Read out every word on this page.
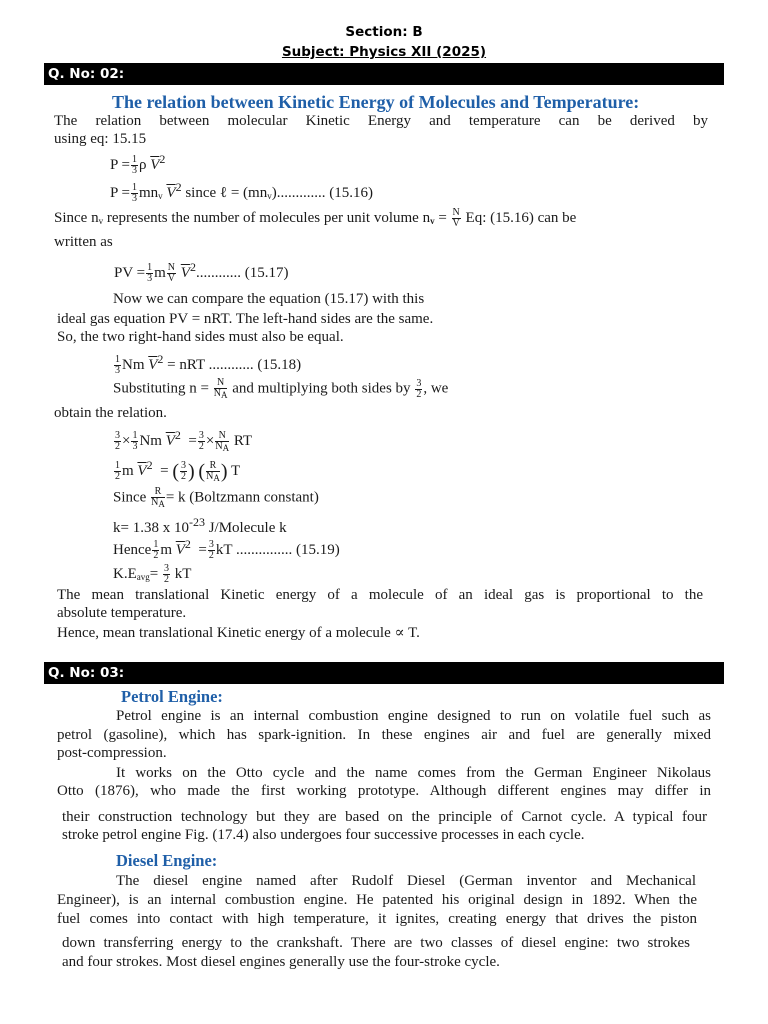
Section: B
Subject: Physics XII (2025)
Q. No: 02:
The relation between Kinetic Energy of Molecules and Temperature:
The relation between molecular Kinetic Energy and temperature can be derived by
using eq: 15.15
$P = \frac{1}{3}$ ρ $\overline{V}^2$
$P = \frac{1}{3}$ mnv $\overline{V}^2$ since ℓ = (mnv)............. (15.16)
Since nv represents the number of molecules per unit volume nv = $\frac{N}{V} Eq$: (15.16) can be
written as
PV = $\frac{1}{3}$ m $\frac{N}{V} \overline{V}^2$............ (15.17)
Now we can compare the equation (15.17) with this
ideal gas equation PV = nRT. The left-hand sides are the same.
So, the two right-hand sides must also be equal.
$\frac{1}{3}$ Nm $\overline{V}^2$ = nRT ............ (15.18)
Substituting $n = \frac{N}{NA}$ and multiplying both sides by $\frac{3}{2}$ , we
obtain the relation.
$\frac{3}{2} \times \frac{1}{3}$ Nm $\overline{V}^2 = \frac{3}{2} \times \frac{N}{NA}$ RT
$\frac{1}{2}$ m $\overline{V}^2$  = ( $\frac{3}{2}$ ) ( $\frac{R}{NA}$ ) T
Since $\frac{R}{NA} = k$ (Boltzmann constant)
k= 1.38 x $10^{-23}$ J/Molecule k
Hence $\frac{1}{2}$ m $\overline{V}^2 = \frac{3}{2}$ kT ............... (15.19)
K.Eavg= $\frac{3}{2}$ kT
The mean translational Kinetic energy of a molecule of an ideal gas is proportional to the
absolute temperature.
Hence, mean translational Kinetic energy of a molecule ∝ T.
Q. No: 03:
Petrol Engine:
Petrol engine is an internal combustion engine designed to run on volatile fuel such as
petrol (gasoline), which has spark-ignition. In these engines air and fuel are generally mixed
post-compression.
It works on the Otto cycle and the name comes from the German Engineer Nikolaus
Otto (1876), who made the first working prototype. Although different engines may differ in
their construction technology but they are based on the principle of Carnot cycle. A typical four
stroke petrol engine Fig. (17.4) also undergoes four successive processes in each cycle.
Diesel Engine:
The diesel engine named after Rudolf Diesel (German inventor and Mechanical
Engineer), is an internal combustion engine. He patented his original design in 1892. When the
fuel comes into contact with high temperature, it ignites, creating energy that drives the piston
down transferring energy to the crankshaft. There are two classes of diesel engine: two strokes
and four strokes. Most diesel engines generally use the four-stroke cycle.
